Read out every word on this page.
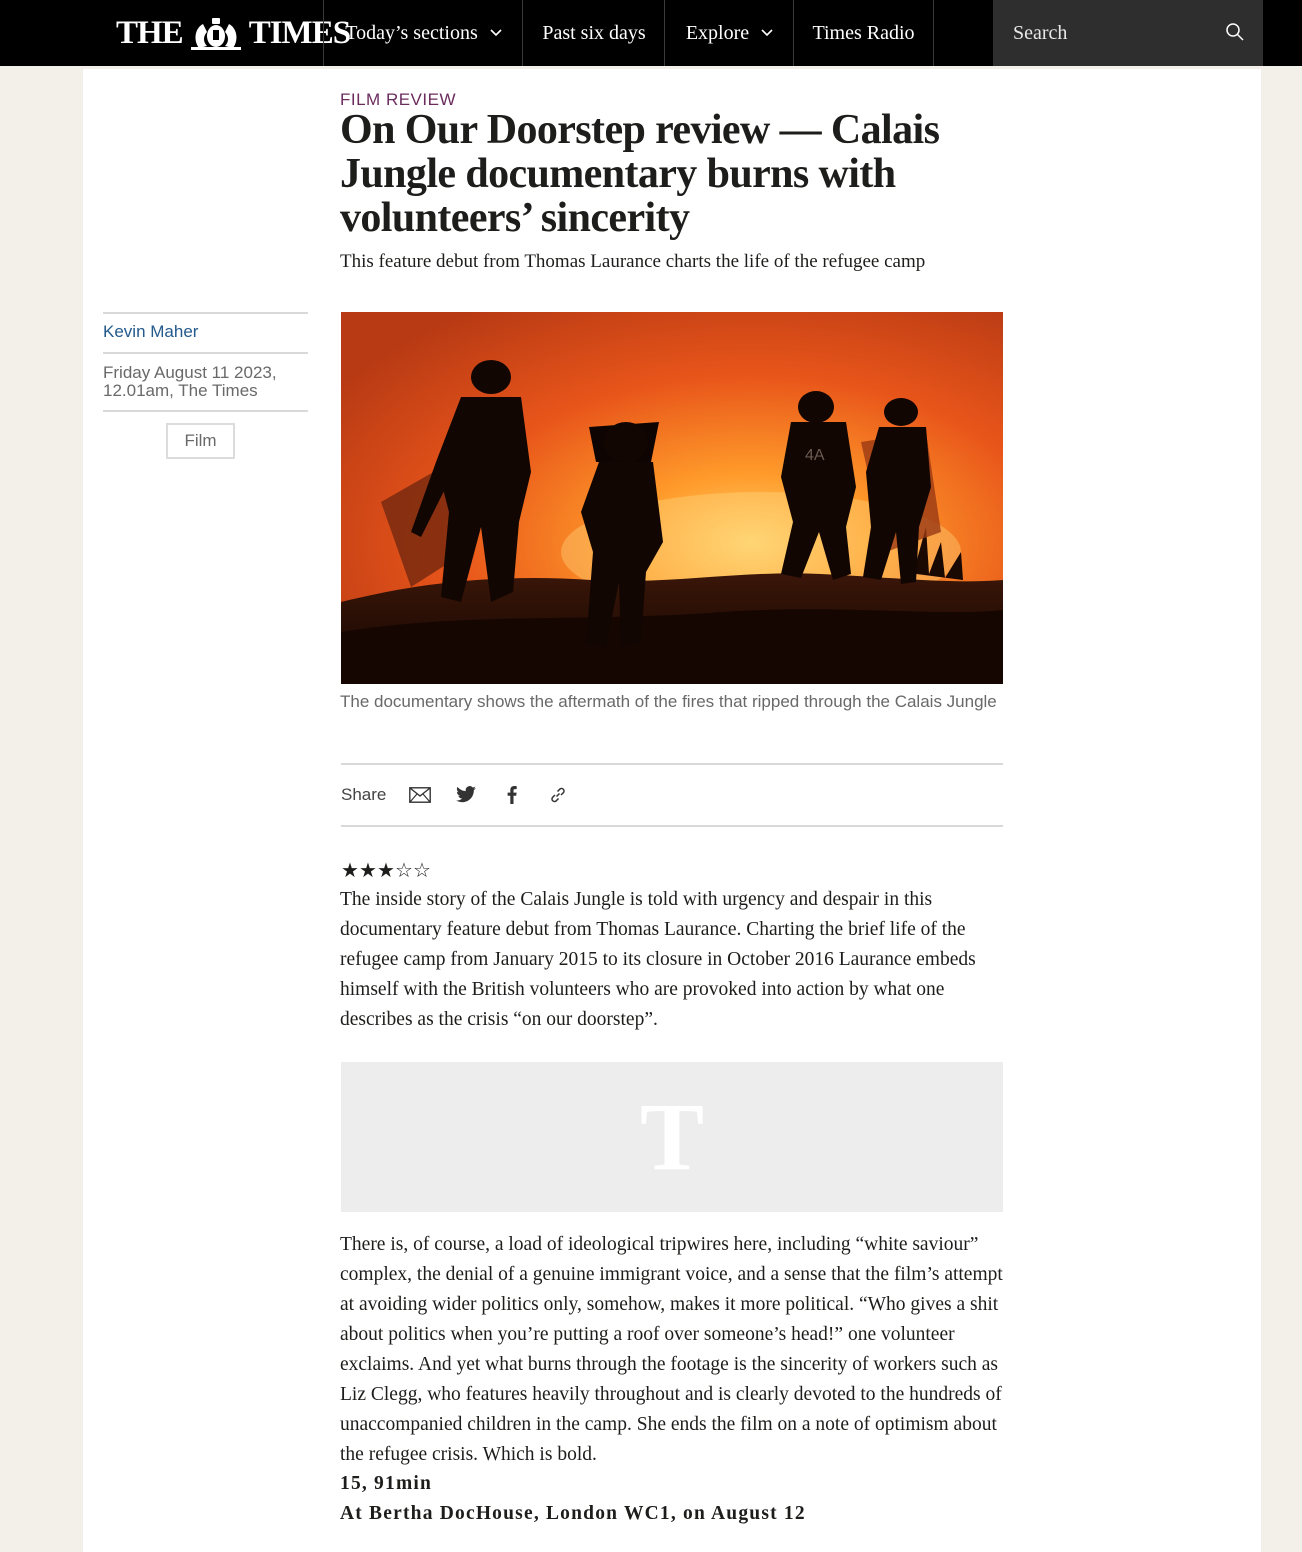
THE TIMES
Today’s sections	Past six days Explore	Times Radio
Search
FILM REVIEW
On Our Doorstep review — Calais Jungle documentary burns with volunteers’ sincerity

This feature debut from Thomas Laurance charts the life of the refugee camp

Kevin Maher
Friday August 11 2023, 12.01am, The Times
Film
4A
The documentary shows the aftermath of the fires that ripped through the Calais Jungle
Share
★ ★ ★ ☆ ☆

The inside story of the Calais Jungle is told with urgency and despair in this documentary feature debut from Thomas Laurance. Charting the brief life of the refugee camp from January 2015 to its closure in October 2016 Laurance embeds himself with the British volunteers who are provoked into action by what one describes as the crisis “on our doorstep”.

T

There is, of course, a load of ideological tripwires here, including “white saviour” complex, the denial of a genuine immigrant voice, and a sense that the film’s attempt at avoiding wider politics only, somehow, makes it more political. “Who gives a shit about politics when you’re putting a roof over someone’s head!” one volunteer exclaims. And yet what burns through the footage is the sincerity of workers such as Liz Clegg, who features heavily throughout and is clearly devoted to the hundreds of unaccompanied children in the camp. She ends the film on a note of optimism about the refugee crisis. Which is bold.

15, 91min

At Bertha DocHouse, London WC1, on August 12
